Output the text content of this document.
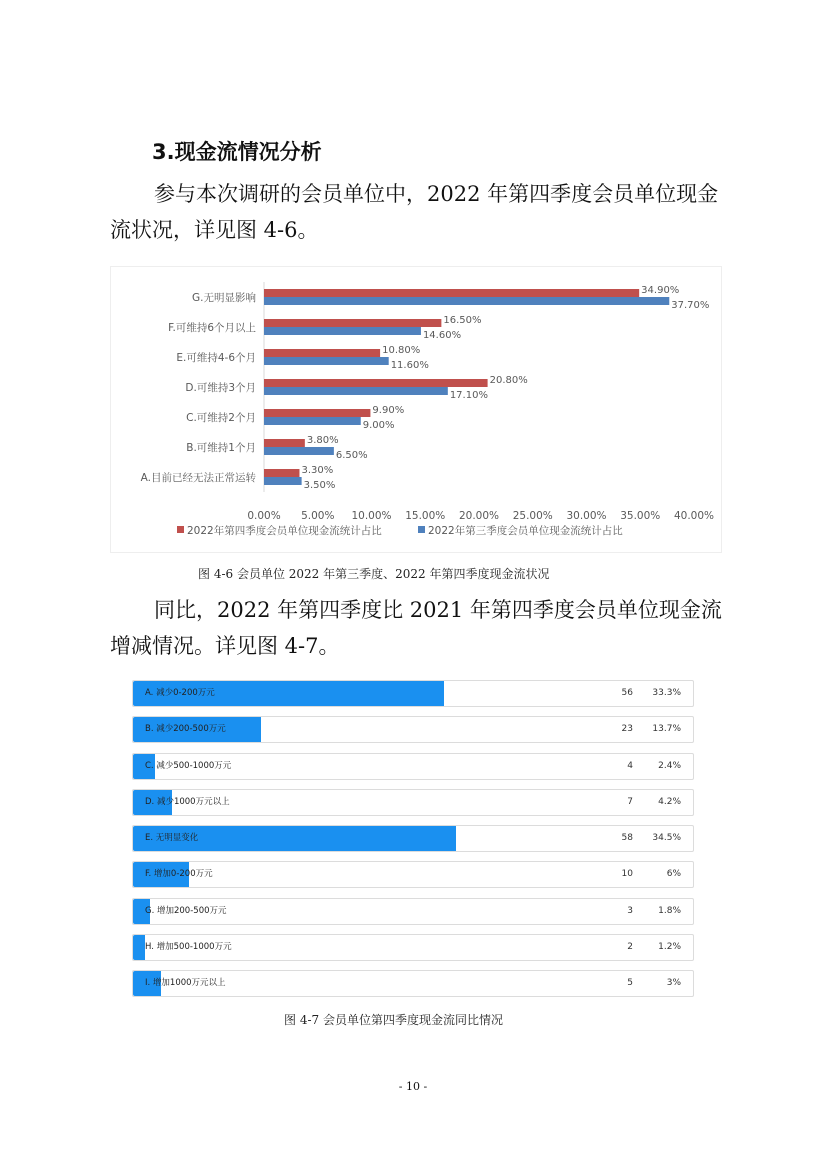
3.现金流情况分析
参与本次调研的会员单位中，2022 年第四季度会员单位现金流状况，详见图 4-6。
G.无明显影响
34.90%
37.70%
F.可维持6个月以上
16.50%
14.60%
E.可维持4-6个月
10.80%
11.60%
D.可维持3个月
20.80%
17.10%
C.可维持2个月
9.90%
9.00%
B.可维持1个月
3.80%
6.50%
A.目前已经无法正常运转
3.30%
3.50%
0.00% 5.00% 10.00% 15.00% 20.00% 25.00% 30.00% 35.00% 40.00%
2022年第四季度会员单位现金流统计占比	2022年第三季度会员单位现金流统计占比
图 4-6 会员单位 2022 年第三季度、2022 年第四季度现金流状况
同比，2022 年第四季度比 2021 年第四季度会员单位现金流增减情况。详见图 4-7。
A. 减少0-200万元	56 33.3%
B. 减少200-500万元	23 13.7%
C. 减少500-1000万元	4	2.4%
D. 减少1000万元以上	7	4.2%
E. 无明显变化	58 34.5%
F. 增加0-200万元	10	6%
G. 增加200-500万元	3	1.8%
H. 增加500-1000万元	2	1.2%
I. 增加1000万元以上	5	3%
图 4-7 会员单位第四季度现金流同比情况
- 10 -
